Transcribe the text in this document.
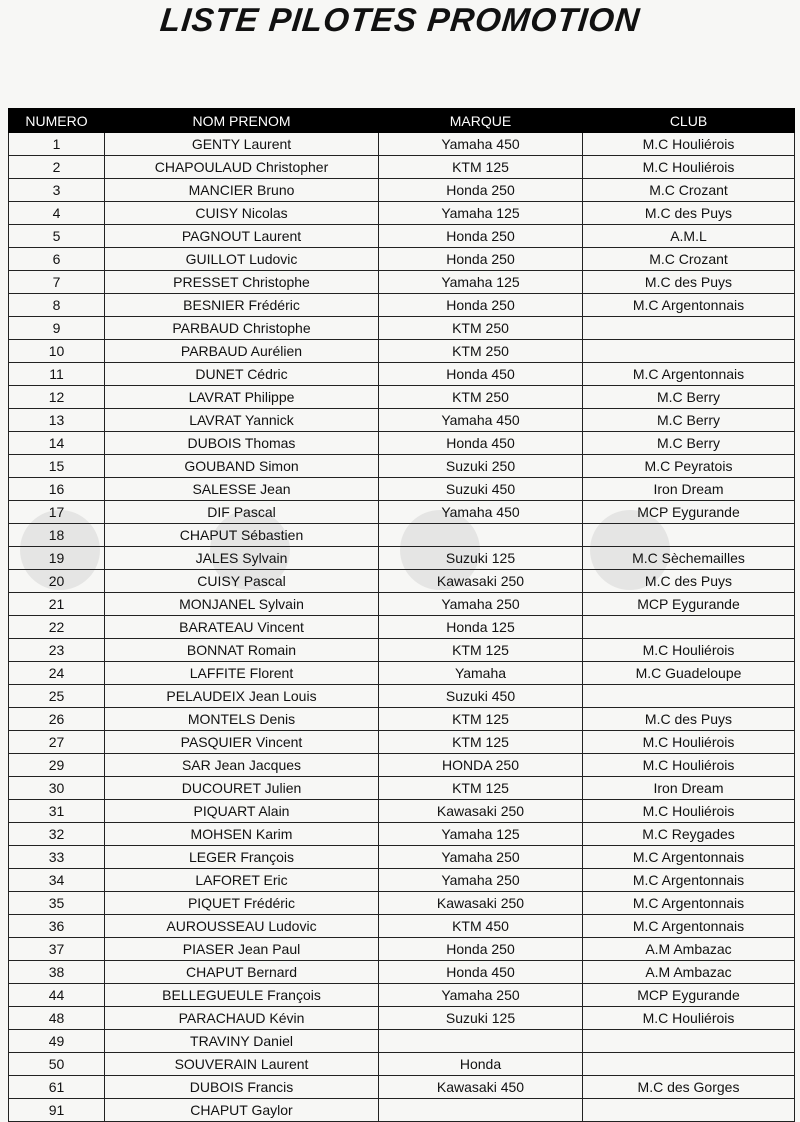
LISTE PILOTES PROMOTION
NUMERO	NOM PRENOM	MARQUE	CLUB
1	GENTY Laurent	Yamaha 450	M.C Houliérois
2	CHAPOULAUD Christopher	KTM 125	M.C Houliérois
3	MANCIER Bruno	Honda 250	M.C Crozant
4	CUISY Nicolas	Yamaha 125	M.C des Puys
5	PAGNOUT Laurent	Honda 250	A.M.L
6	GUILLOT Ludovic	Honda 250	M.C Crozant
7	PRESSET Christophe	Yamaha 125	M.C des Puys
8	BESNIER Frédéric	Honda 250	M.C Argentonnais
9	PARBAUD Christophe	KTM 250	
10	PARBAUD Aurélien	KTM 250	
11	DUNET Cédric	Honda 450	M.C Argentonnais
12	LAVRAT Philippe	KTM 250	M.C Berry
13	LAVRAT Yannick	Yamaha 450	M.C Berry
14	DUBOIS Thomas	Honda 450	M.C Berry
15	GOUBAND Simon	Suzuki 250	M.C Peyratois
16	SALESSE Jean	Suzuki 450	Iron Dream
17	DIF Pascal	Yamaha 450	MCP Eygurande
18	CHAPUT Sébastien		
19	JALES Sylvain	Suzuki 125	M.C Sèchemailles
20	CUISY Pascal	Kawasaki 250	M.C des Puys
21	MONJANEL Sylvain	Yamaha 250	MCP Eygurande
22	BARATEAU Vincent	Honda 125	
23	BONNAT Romain	KTM 125	M.C Houliérois
24	LAFFITE Florent	Yamaha	M.C Guadeloupe
25	PELAUDEIX Jean Louis	Suzuki 450	
26	MONTELS Denis	KTM 125	M.C des Puys
27	PASQUIER Vincent	KTM 125	M.C Houliérois
29	SAR Jean Jacques	HONDA 250	M.C Houliérois
30	DUCOURET Julien	KTM 125	Iron Dream
31	PIQUART Alain	Kawasaki 250	M.C Houliérois
32	MOHSEN Karim	Yamaha 125	M.C Reygades
33	LEGER François	Yamaha 250	M.C Argentonnais
34	LAFORET Eric	Yamaha 250	M.C Argentonnais
35	PIQUET Frédéric	Kawasaki 250	M.C Argentonnais
36	AUROUSSEAU Ludovic	KTM 450	M.C Argentonnais
37	PIASER Jean Paul	Honda 250	A.M Ambazac
38	CHAPUT Bernard	Honda 450	A.M Ambazac
44	BELLEGUEULE François	Yamaha 250	MCP Eygurande
48	PARACHAUD Kévin	Suzuki 125	M.C Houliérois
49	TRAVINY Daniel		
50	SOUVERAIN Laurent	Honda	
61	DUBOIS Francis	Kawasaki 450	M.C des Gorges
91	CHAPUT Gaylor		
